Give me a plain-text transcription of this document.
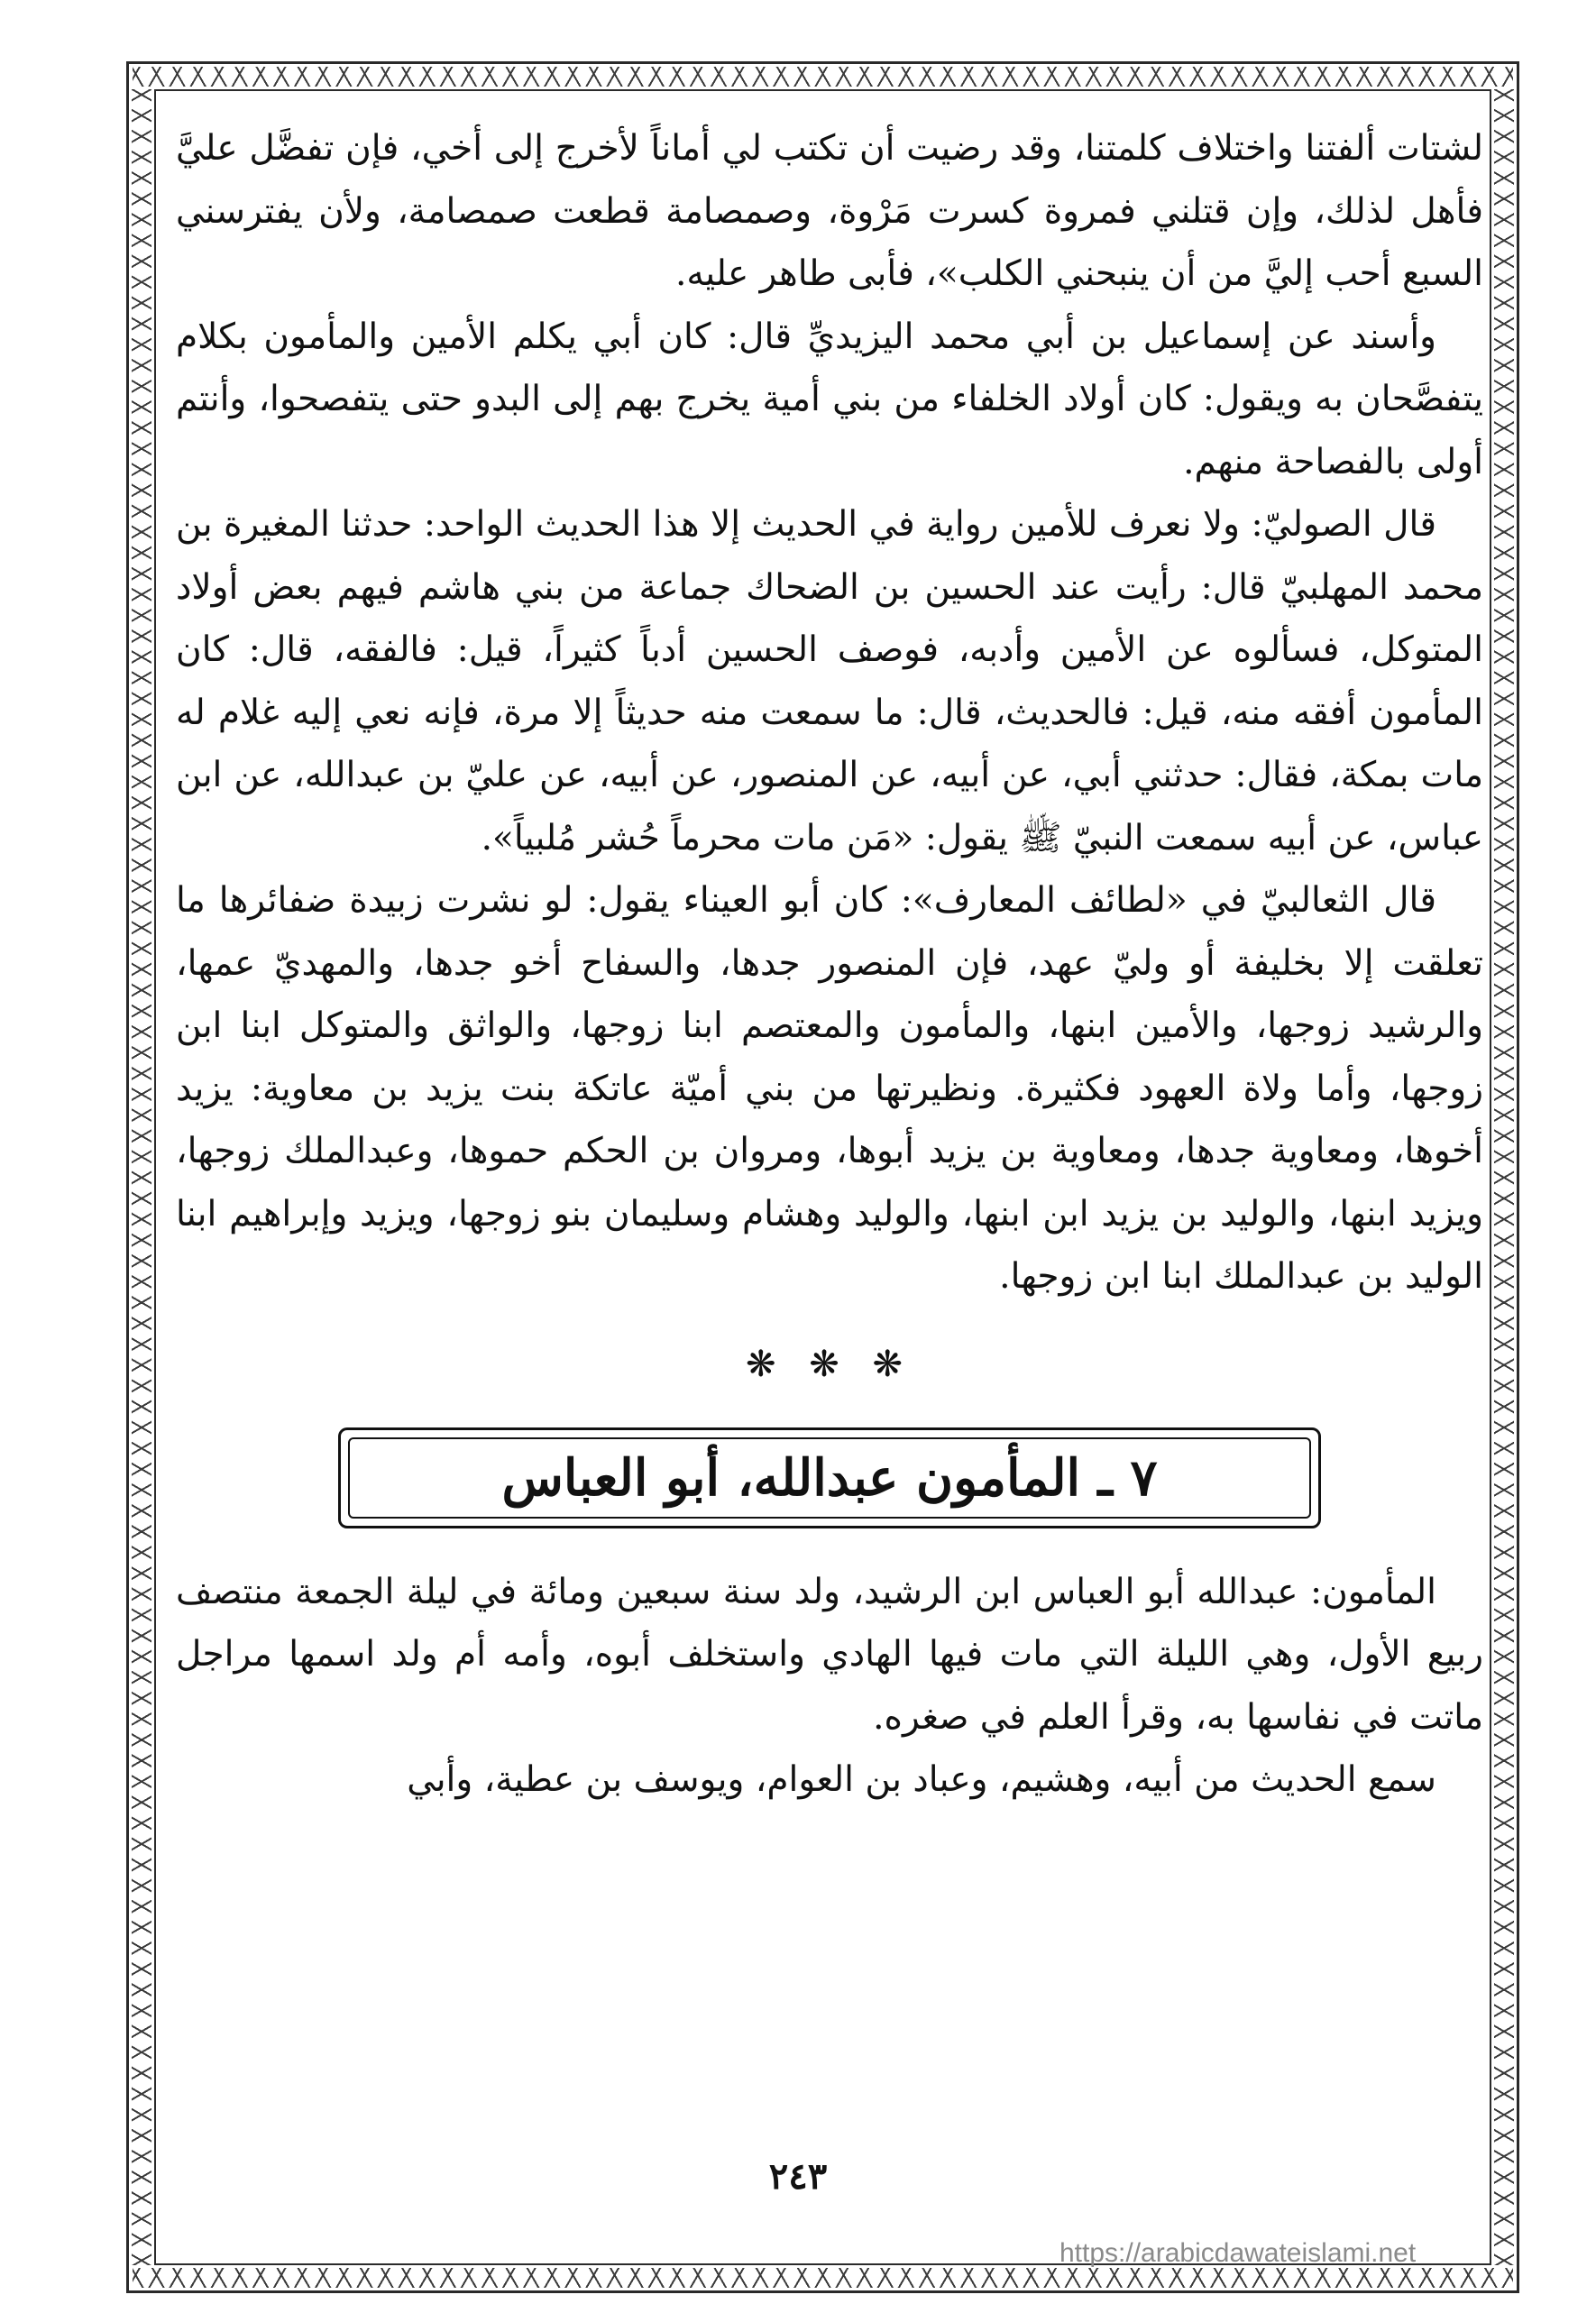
لشتات ألفتنا واختلاف كلمتنا، وقد رضيت أن تكتب لي أماناً لأخرج إلى أخي، فإن تفضَّل عليَّ فأهل لذلك، وإن قتلني فمروة كسرت مَرْوة، وصمصامة قطعت صمصامة، ولأن يفترسني السبع أحب إليَّ من أن ينبحني الكلب»، فأبى طاهر عليه.

وأسند عن إسماعيل بن أبي محمد اليزيديِّ قال: كان أبي يكلم الأمين والمأمون بكلام يتفصَّحان به ويقول: كان أولاد الخلفاء من بني أمية يخرج بهم إلى البدو حتى يتفصحوا، وأنتم أولى بالفصاحة منهم.

قال الصوليّ: ولا نعرف للأمين رواية في الحديث إلا هذا الحديث الواحد: حدثنا المغيرة بن محمد المهلبيّ قال: رأيت عند الحسين بن الضحاك جماعة من بني هاشم فيهم بعض أولاد المتوكل، فسألوه عن الأمين وأدبه، فوصف الحسين أدباً كثيراً، قيل: فالفقه، قال: كان المأمون أفقه منه، قيل: فالحديث، قال: ما سمعت منه حديثاً إلا مرة، فإنه نعي إليه غلام له مات بمكة، فقال: حدثني أبي، عن أبيه، عن المنصور، عن أبيه، عن عليّ بن عبدالله، عن ابن عباس، عن أبيه سمعت النبيّ ﷺ يقول: «مَن مات محرماً حُشر مُلبياً».

قال الثعالبيّ في «لطائف المعارف»: كان أبو العيناء يقول: لو نشرت زبيدة ضفائرها ما تعلقت إلا بخليفة أو وليّ عهد، فإن المنصور جدها، والسفاح أخو جدها، والمهديّ عمها، والرشيد زوجها، والأمين ابنها، والمأمون والمعتصم ابنا زوجها، والواثق والمتوكل ابنا ابن زوجها، وأما ولاة العهود فكثيرة. ونظيرتها من بني أميّة عاتكة بنت يزيد بن معاوية: يزيد أخوها، ومعاوية جدها، ومعاوية بن يزيد أبوها، ومروان بن الحكم حموها، وعبدالملك زوجها، ويزيد ابنها، والوليد بن يزيد ابن ابنها، والوليد وهشام وسليمان بنو زوجها، ويزيد وإبراهيم ابنا الوليد بن عبدالملك ابنا ابن زوجها.

❋ ❋ ❋
٧ ـ المأمون عبدالله، أبو العباس

المأمون: عبدالله أبو العباس ابن الرشيد، ولد سنة سبعين ومائة في ليلة الجمعة منتصف ربيع الأول، وهي الليلة التي مات فيها الهادي واستخلف أبوه، وأمه أم ولد اسمها مراجل ماتت في نفاسها به، وقرأ العلم في صغره.

سمع الحديث من أبيه، وهشيم، وعباد بن العوام، ويوسف بن عطية، وأبي

٢٤٣
https://arabicdawateislami.net
